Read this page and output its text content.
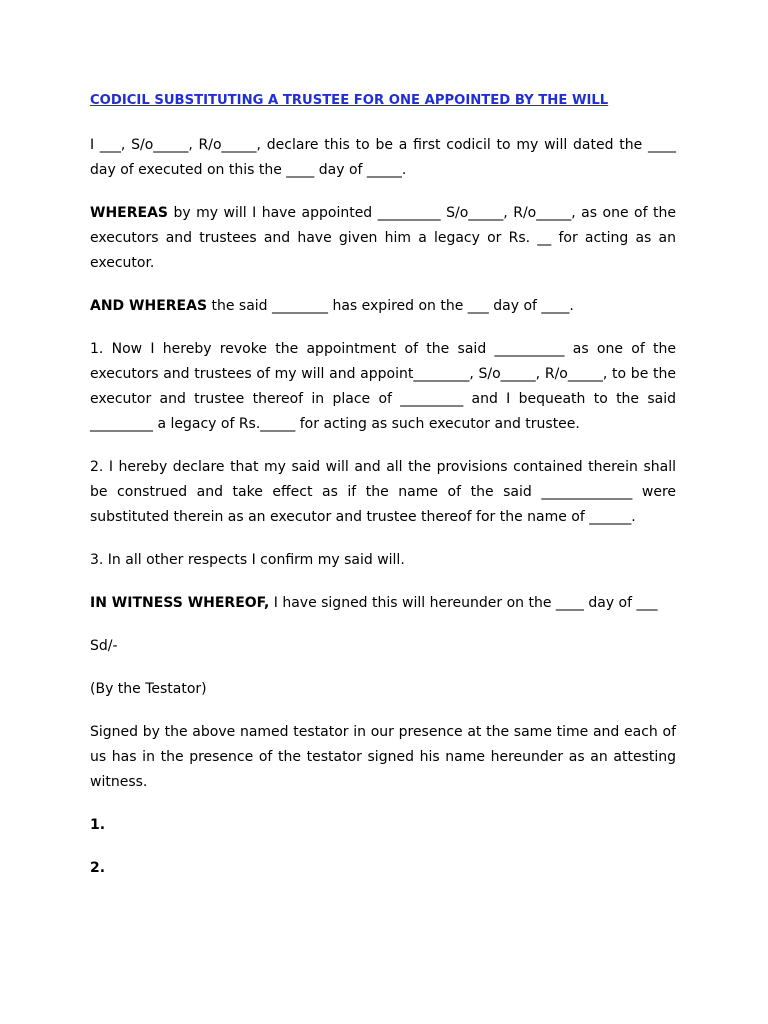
CODICIL SUBSTITUTING A TRUSTEE FOR ONE APPOINTED BY THE WILL

I ___, S/o_____, R/o_____, declare this to be a first codicil to my will dated the ____ day of executed on this the ____ day of _____.

WHEREAS by my will I have appointed _________ S/o_____, R/o_____, as one of the executors and trustees and have given him a legacy or Rs. __ for acting as an executor.

AND WHEREAS the said ________ has expired on the ___ day of ____.

1. Now I hereby revoke the appointment of the said __________ as one of the executors and trustees of my will and appoint________, S/o_____, R/o_____, to be the executor and trustee thereof in place of _________ and I bequeath to the said _________ a legacy of Rs._____ for acting as such executor and trustee.

2. I hereby declare that my said will and all the provisions contained therein shall be construed and take effect as if the name of the said _____________ were substituted therein as an executor and trustee thereof for the name of ______.

3. In all other respects I confirm my said will.

IN WITNESS WHEREOF, I have signed this will hereunder on the ____ day of ___

Sd/-

(By the Testator)

Signed by the above named testator in our presence at the same time and each of us has in the presence of the testator signed his name hereunder as an attesting witness.

1.

2.
